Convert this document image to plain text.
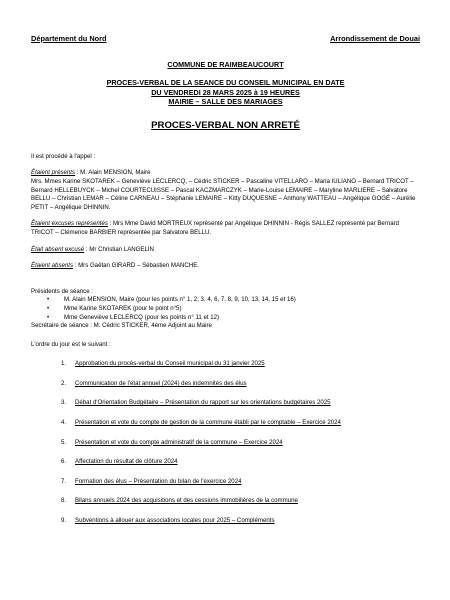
Département du Nord	Arrondissement de Douai
COMMUNE DE RAIMBEAUCOURT
PROCES-VERBAL DE LA SEANCE DU CONSEIL MUNICIPAL EN DATE
DU VENDREDI 28 MARS 2025 à 19 HEURES
MAIRIE – SALLE DES MARIAGES
PROCES-VERBAL NON ARRETÉ
Il est procédé à l'appel :
Étaient présents : M. Alain MENSION, Maire
Mrs. Mmes Karine SKOTAREK – Geneviève LECLERCQ, – Cédric STICKER – Pascaline VITELLARO – Maria IULIANO – Bernard TRICOT – Bernard HELLEBUYCK – Michel COURTECUISSE – Pascal KACZMARCZYK – Marie-Louise LEMAIRE – Maryline MARLIERE – Salvatore BELLU – Christian LEMAR – Céline CARNEAU – Stéphanie LEMAIRE – Kitty DUQUESNE – Anthony WATTEAU – Angélique GOGÉ – Aurélie PETIT – Angélique DHINNIN.
Étaient excusés représentés : Mrs Mme David MORTREUX représenté par Angélique DHINNIN - Régis SALLEZ représenté par Bernard TRICOT – Clémence BARBIER représentée par Salvatore BELLU.
Était absent excusé : Mr Christian LANGELIN
Étaient absents : Mrs Gaëtan GIRARD – Sébastien MANCHE.
Présidents de séance :
• M. Alain MENSION, Maire (pour les points n° 1, 2, 3, 4, 6, 7, 8, 9, 10, 13, 14, 15 et 16)
• Mme Karine SKOTAREK (pour le point n°5)
• Mme Geneviève LECLERCQ (pour les points n° 11 et 12)
Secrétaire de séance : M. Cédric STICKER, 4ème Adjoint au Maire
L'ordre du jour est le suivant :
1. Approbation du procès-verbal du Conseil municipal du 31 janvier 2025
2. Communication de l'état annuel (2024) des indemnités des élus
3. Débat d'Orientation Budgétaire – Présentation du rapport sur les orientations budgétaires 2025
4. Présentation et vote du compte de gestion de la commune établi par le comptable – Exercice 2024
5. Présentation et vote du compte administratif de la commune – Exercice 2024
6. Affectation du résultat de clôture 2024
7. Formation des élus – Présentation du bilan de l'exercice 2024
8. Bilans annuels 2024 des acquisitions et des cessions immobilières de la commune
9. Subventions à allouer aux associations locales pour 2025 – Compléments
